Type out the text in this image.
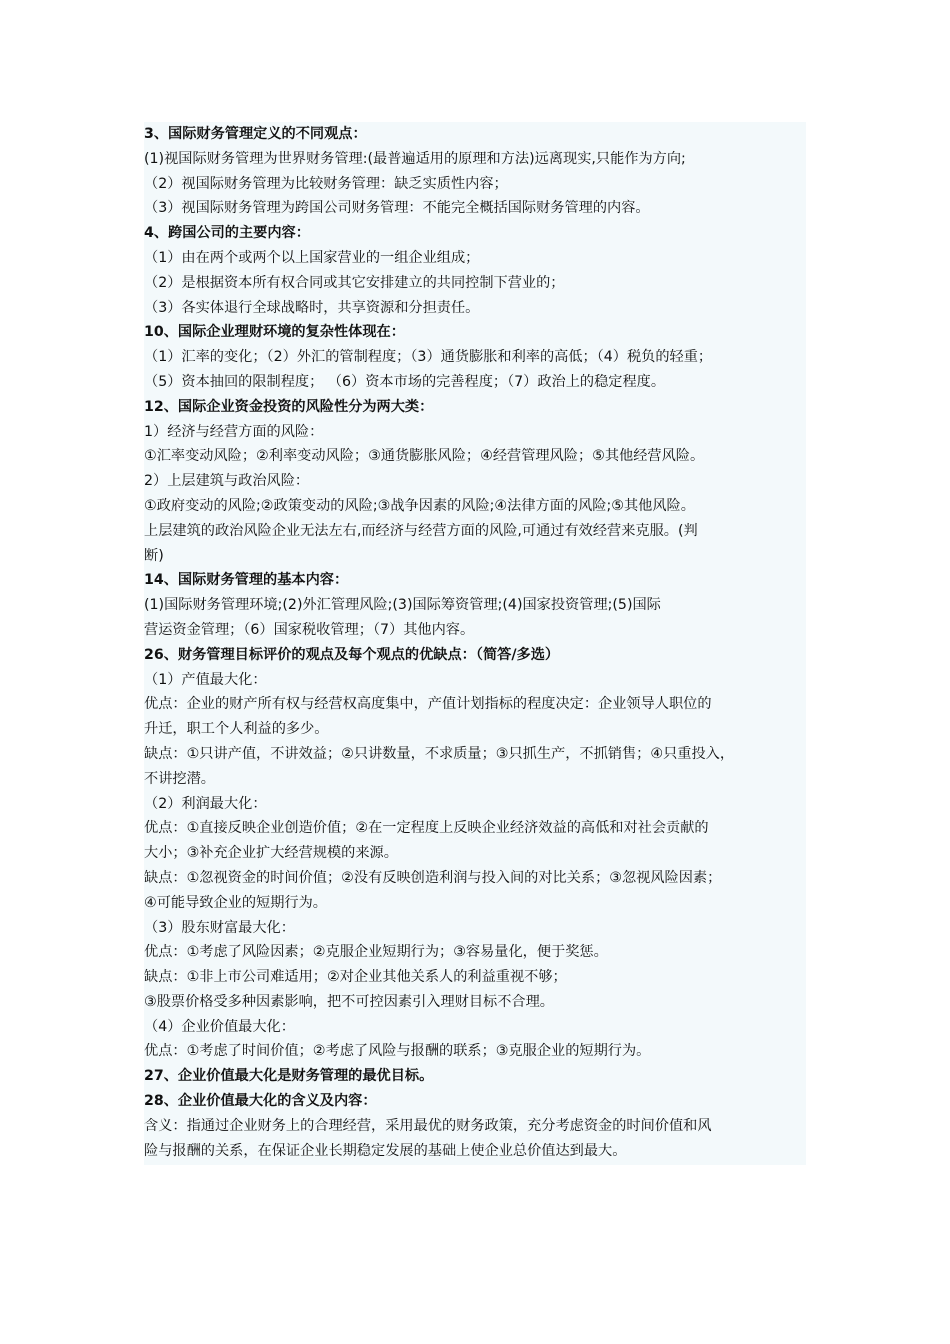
3、国际财务管理定义的不同观点：
(1)视国际财务管理为世界财务管理:(最普遍适用的原理和方法)远离现实,只能作为方向;
（2）视国际财务管理为比较财务管理：缺乏实质性内容；
（3）视国际财务管理为跨国公司财务管理：不能完全概括国际财务管理的内容。
4、跨国公司的主要内容：
（1）由在两个或两个以上国家营业的一组企业组成；
（2）是根据资本所有权合同或其它安排建立的共同控制下营业的；
（3）各实体退行全球战略时，共享资源和分担责任。
10、国际企业理财环境的复杂性体现在：
（1）汇率的变化；（2）外汇的管制程度；（3）通货膨胀和利率的高低；（4）税负的轻重；
（5）资本抽回的限制程度； （6）资本市场的完善程度；（7）政治上的稳定程度。
12、国际企业资金投资的风险性分为两大类：
1）经济与经营方面的风险：
①汇率变动风险；②利率变动风险；③通货膨胀风险；④经营管理风险；⑤其他经营风险。
2）上层建筑与政治风险：
①政府变动的风险;②政策变动的风险;③战争因素的风险;④法律方面的风险;⑤其他风险。
上层建筑的政治风险企业无法左右,而经济与经营方面的风险,可通过有效经营来克服。(判
断)
14、国际财务管理的基本内容：
(1)国际财务管理环境;(2)外汇管理风险;(3)国际筹资管理;(4)国家投资管理;(5)国际
营运资金管理；（6）国家税收管理；（7）其他内容。
26、财务管理目标评价的观点及每个观点的优缺点：（简答/多选）
（1）产值最大化：
优点：企业的财产所有权与经营权高度集中，产值计划指标的程度决定：企业领导人职位的
升迁，职工个人利益的多少。
缺点：①只讲产值，不讲效益；②只讲数量，不求质量；③只抓生产，不抓销售；④只重投入，
不讲挖潜。
（2）利润最大化：
优点：①直接反映企业创造价值；②在一定程度上反映企业经济效益的高低和对社会贡献的
大小；③补充企业扩大经营规模的来源。
缺点：①忽视资金的时间价值；②没有反映创造利润与投入间的对比关系；③忽视风险因素；
④可能导致企业的短期行为。
（3）股东财富最大化：
优点：①考虑了风险因素；②克服企业短期行为；③容易量化，便于奖惩。
缺点：①非上市公司难适用；②对企业其他关系人的利益重视不够；
③股票价格受多种因素影响，把不可控因素引入理财目标不合理。
（4）企业价值最大化：
优点：①考虑了时间价值；②考虑了风险与报酬的联系；③克服企业的短期行为。
27、企业价值最大化是财务管理的最优目标。
28、企业价值最大化的含义及内容：
含义：指通过企业财务上的合理经营，采用最优的财务政策，充分考虑资金的时间价值和风
险与报酬的关系，在保证企业长期稳定发展的基础上使企业总价值达到最大。
